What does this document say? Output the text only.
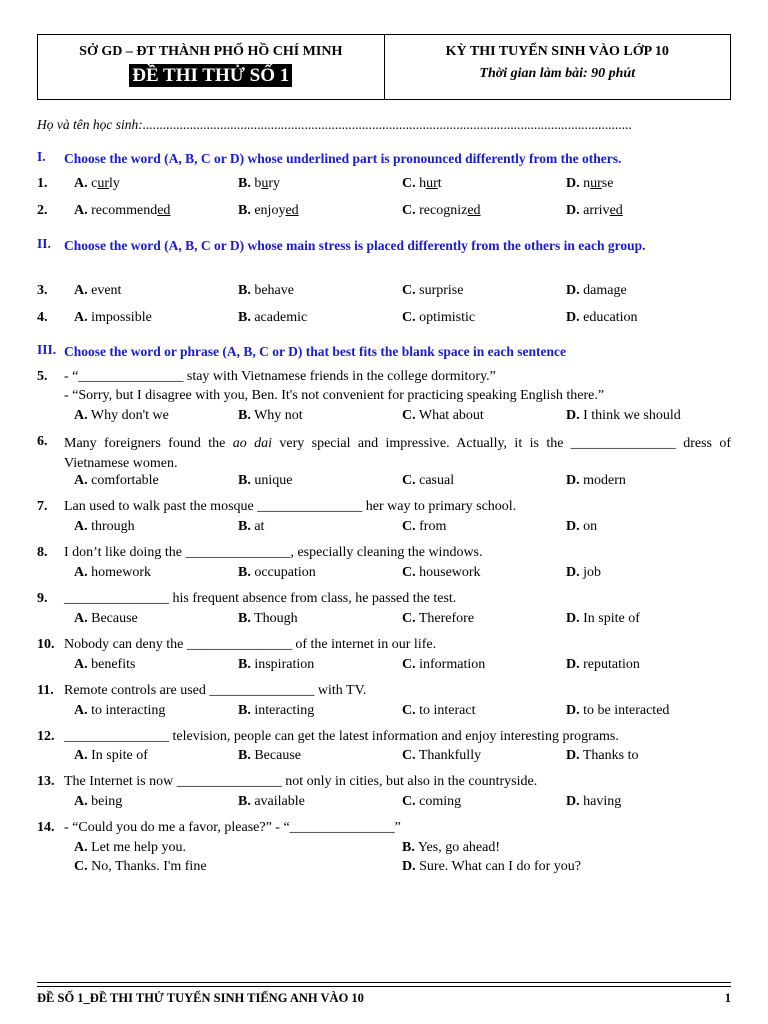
SỞ GD – ĐT THÀNH PHỐ HỒ CHÍ MINH
ĐỀ THI THỬ SỐ 1
KỲ THI TUYỂN SINH VÀO LỚP 10
Thời gian làm bài: 90 phút
Họ và tên học sinh:.................................................................................................................................................
I. Choose the word (A, B, C or D) whose underlined part is pronounced differently from the others.
1. A. curly	B. bury	C. hurt	D. nurse
2. A. recommended	B. enjoyed	C. recognized	D. arrived
II. Choose the word (A, B, C or D) whose main stress is placed differently from the others in each group.
3. A. event	B. behave	C. surprise	D. damage
4. A. impossible	B. academic	C. optimistic	D. education
III. Choose the word or phrase (A, B, C or D) that best fits the blank space in each sentence
5. - “_______________ stay with Vietnamese friends in the college dormitory.”
- “Sorry, but I disagree with you, Ben. It's not convenient for practicing speaking English there.”
A. Why don't we	B. Why not	C. What about	D. I think we should
6. Many foreigners found the ao dai very special and impressive. Actually, it is the _______________ dress of Vietnamese women.
A. comfortable	B. unique	C. casual	D. modern
7. Lan used to walk past the mosque _______________ her way to primary school.
A. through	B. at	C. from	D. on
8. I don’t like doing the _______________, especially cleaning the windows.
A. homework	B. occupation	C. housework	D. job
9. _______________ his frequent absence from class, he passed the test.
A. Because	B. Though	C. Therefore	D. In spite of
10. Nobody can deny the _______________ of the internet in our life.
A. benefits	B. inspiration	C. information	D. reputation
11. Remote controls are used _______________ with TV.
A. to interacting	B. interacting	C. to interact	D. to be interacted
12. _______________ television, people can get the latest information and enjoy interesting programs.
A. In spite of	B. Because	C. Thankfully	D. Thanks to
13. The Internet is now _______________ not only in cities, but also in the countryside.
A. being	B. available	C. coming	D. having
14. - “Could you do me a favor, please?” - “_______________”
A. Let me help you.	B. Yes, go ahead!
C. No, Thanks. I'm fine	D. Sure. What can I do for you?
ĐỀ SỐ 1_ĐỀ THI THỬ TUYỂN SINH TIẾNG ANH VÀO 10	1
